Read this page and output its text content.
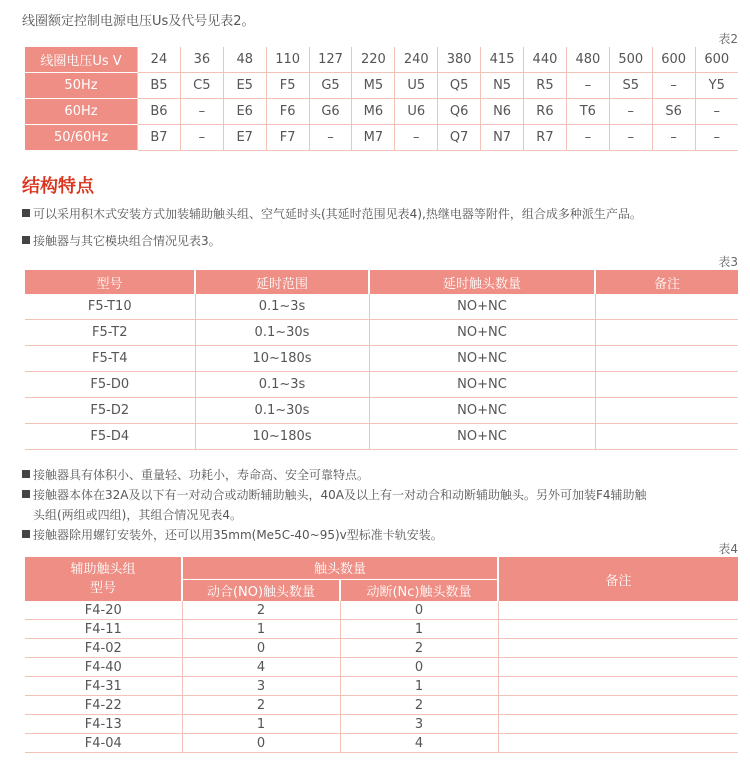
线圈额定控制电源电压Us及代号见表2。
表2
线圈电压Us V	24	36	48	110	127	220	240	380	415	440	480	500	600	600
50Hz	B5	C5	E5	F5	G5	M5	U5	Q5	N5	R5	–	S5	–	Y5
60Hz	B6	–	E6	F6	G6	M6	U6	Q6	N6	R6	T6	–	S6	–
50/60Hz	B7	–	E7	F7	–	M7	–	Q7	N7	R7	–	–	–	–
结构特点
可以采用积木式安装方式加装辅助触头组、空气延时头(其延时范围见表4),热继电器等附件，组合成多种派生产品。
接触器与其它模块组合情况见表3。
表3
型号	延时范围	延时触头数量	备注
F5-T10	0.1~3s	NO+NC	
F5-T2	0.1~30s	NO+NC	
F5-T4	10~180s	NO+NC	
F5-D0	0.1~3s	NO+NC	
F5-D2	0.1~30s	NO+NC	
F5-D4	10~180s	NO+NC	
接触器具有体积小、重量轻、功耗小，寿命高、安全可靠特点。
接触器本体在32A及以下有一对动合或动断辅助触头，40A及以上有一对动合和动断辅助触头。另外可加装F4辅助触
头组(两组或四组)，其组合情况见表4。
接触器除用螺钉安装外，还可以用35mm(Me5C-40~95)v型标准卡轨安装。
表4
辅助触头组
型号	触头数量		备注
	动合(NO)触头数量	动断(Nc)触头数量	
F4-20	2	0	
F4-11	1	1	
F4-02	0	2	
F4-40	4	0	
F4-31	3	1	
F4-22	2	2	
F4-13	1	3	
F4-04	0	4	
